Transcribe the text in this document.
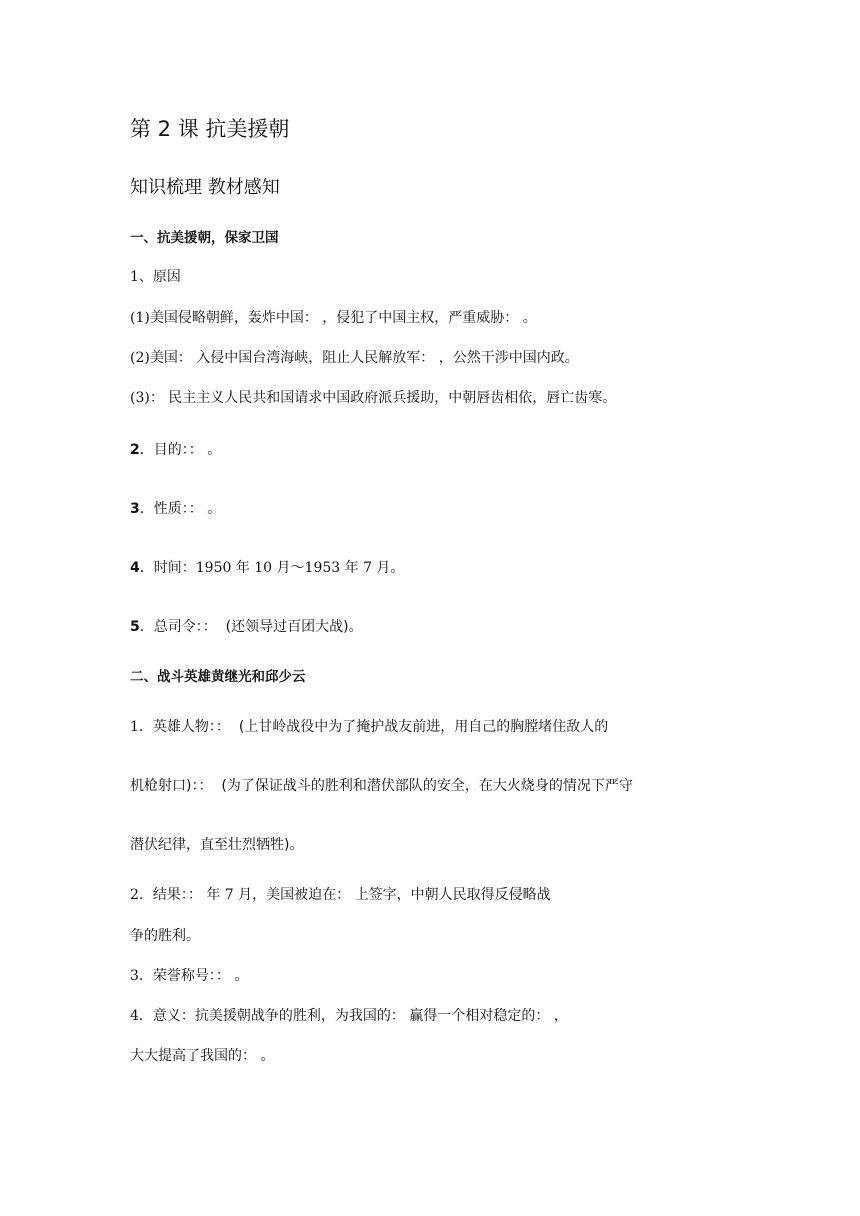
第 2 课 抗美援朝
知识梳理 教材感知
一、抗美援朝，保家卫国
1、原因
(1)美国侵略朝鲜，轰炸中国： ，侵犯了中国主权，严重威胁： 。
(2)美国： 入侵中国台湾海峡，阻止人民解放军： ，公然干涉中国内政。
(3)： 民主主义人民共和国请求中国政府派兵援助，中朝唇齿相依，唇亡齿寒。
2．目的：： 。
3．性质：： 。
4．时间：1950 年 10 月～1953 年 7 月。
5．总司令：： (还领导过百团大战)。
二、战斗英雄黄继光和邱少云
1．英雄人物：： (上甘岭战役中为了掩护战友前进，用自己的胸膛堵住敌人的
机枪射口)：： (为了保证战斗的胜利和潜伏部队的安全，在大火烧身的情况下严守
潜伏纪律，直至壮烈牺牲)。
2．结果：： 年 7 月，美国被迫在： 上签字，中朝人民取得反侵略战
争的胜利。
3．荣誉称号：： 。
4．意义：抗美援朝战争的胜利，为我国的： 赢得一个相对稳定的： ，
大大提高了我国的： 。
